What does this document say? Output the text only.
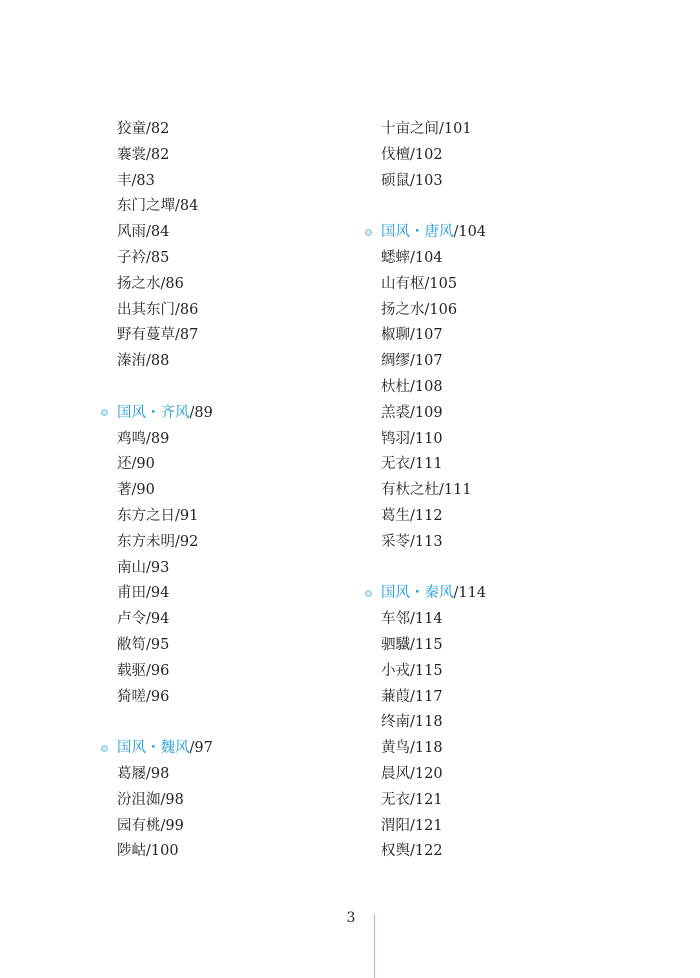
狡童/82
褰裳/82
丰/83
东门之墠/84
风雨/84
子衿/85
扬之水/86
出其东门/86
野有蔓草/87
溱洧/88
国风・齐风/89
鸡鸣/89
还/90
著/90
东方之日/91
东方未明/92
南山/93
甫田/94
卢令/94
敝笱/95
载驱/96
猗嗟/96
国风・魏风/97
葛屦/98
汾沮洳/98
园有桃/99
陟岵/100
十亩之间/101
伐檀/102
硕鼠/103
国风・唐风/104
蟋蟀/104
山有枢/105
扬之水/106
椒聊/107
绸缪/107
杕杜/108
羔裘/109
鸨羽/110
无衣/111
有杕之杜/111
葛生/112
采苓/113
国风・秦风/114
车邻/114
驷驖/115
小戎/115
蒹葭/117
终南/118
黄鸟/118
晨风/120
无衣/121
渭阳/121
权舆/122
3
